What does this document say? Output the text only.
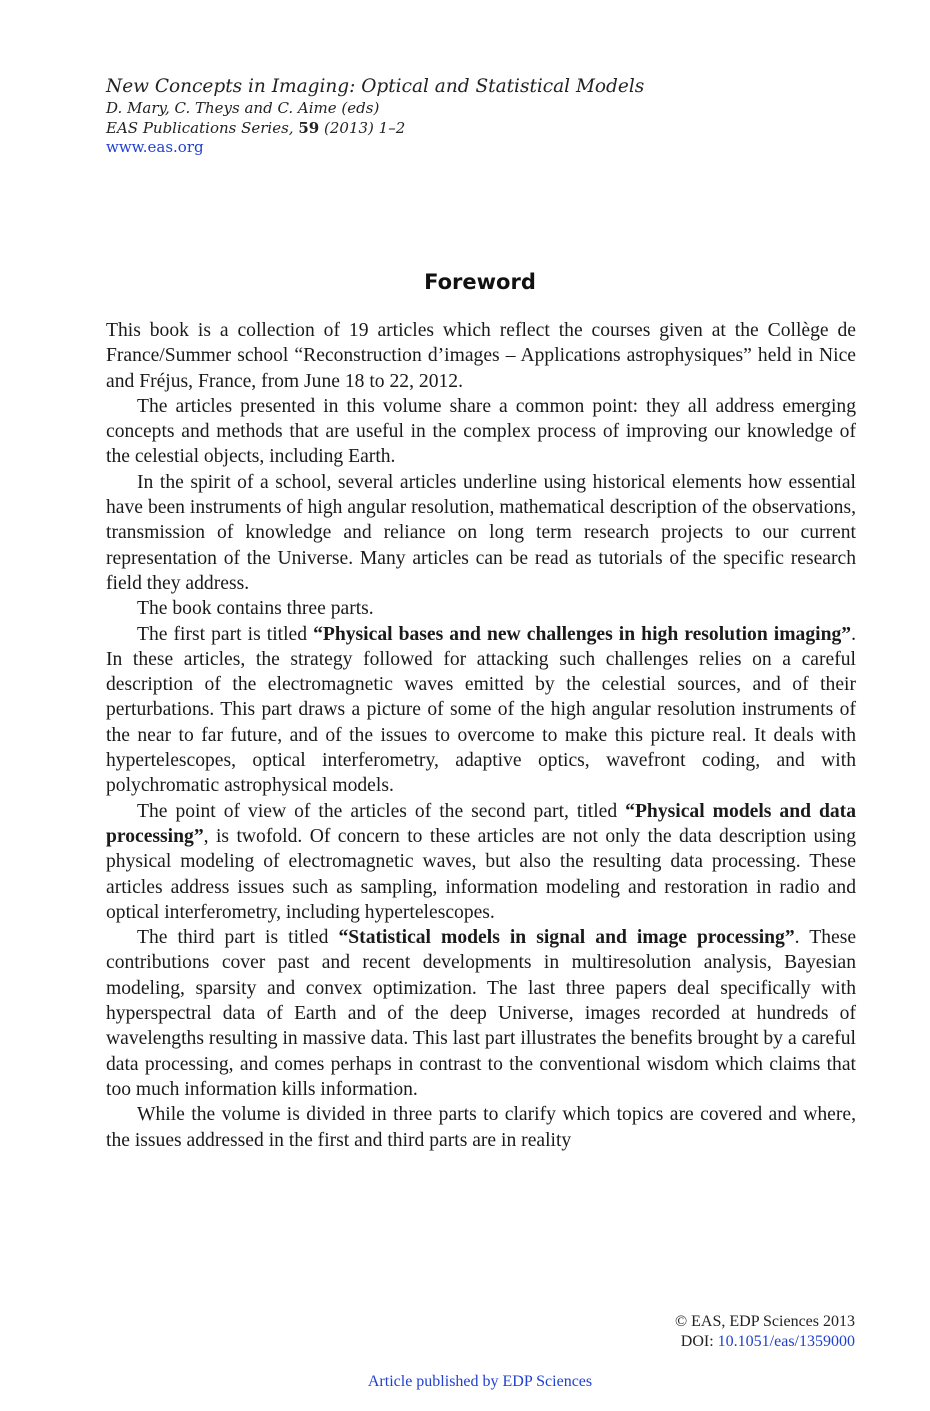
New Concepts in Imaging: Optical and Statistical Models
D. Mary, C. Theys and C. Aime (eds)
EAS Publications Series, 59 (2013) 1–2
www.eas.org
Foreword

This book is a collection of 19 articles which reflect the courses given at the Collège de France/Summer school “Reconstruction d’images – Applications astrophysiques” held in Nice and Fréjus, France, from June 18 to 22, 2012.

The articles presented in this volume share a common point: they all address emerging concepts and methods that are useful in the complex process of improving our knowledge of the celestial objects, including Earth.

In the spirit of a school, several articles underline using historical elements how essential have been instruments of high angular resolution, mathematical description of the observations, transmission of knowledge and reliance on long term research projects to our current representation of the Universe. Many articles can be read as tutorials of the specific research field they address.

The book contains three parts.

The first part is titled “Physical bases and new challenges in high resolution imaging”. In these articles, the strategy followed for attacking such challenges relies on a careful description of the electromagnetic waves emitted by the celestial sources, and of their perturbations. This part draws a picture of some of the high angular resolution instruments of the near to far future, and of the issues to overcome to make this picture real. It deals with hypertelescopes, optical interferometry, adaptive optics, wavefront coding, and with polychromatic astrophysical models.

The point of view of the articles of the second part, titled “Physical models and data processing”, is twofold. Of concern to these articles are not only the data description using physical modeling of electromagnetic waves, but also the resulting data processing. These articles address issues such as sampling, information modeling and restoration in radio and optical interferometry, including hypertelescopes.

The third part is titled “Statistical models in signal and image processing”. These contributions cover past and recent developments in multiresolution analysis, Bayesian modeling, sparsity and convex optimization. The last three papers deal specifically with hyperspectral data of Earth and of the deep Universe, images recorded at hundreds of wavelengths resulting in massive data. This last part illustrates the benefits brought by a careful data processing, and comes perhaps in contrast to the conventional wisdom which claims that too much information kills information.

While the volume is divided in three parts to clarify which topics are covered and where, the issues addressed in the first and third parts are in reality

© EAS, EDP Sciences 2013
DOI: 10.1051/eas/1359000
Article published by EDP Sciences
